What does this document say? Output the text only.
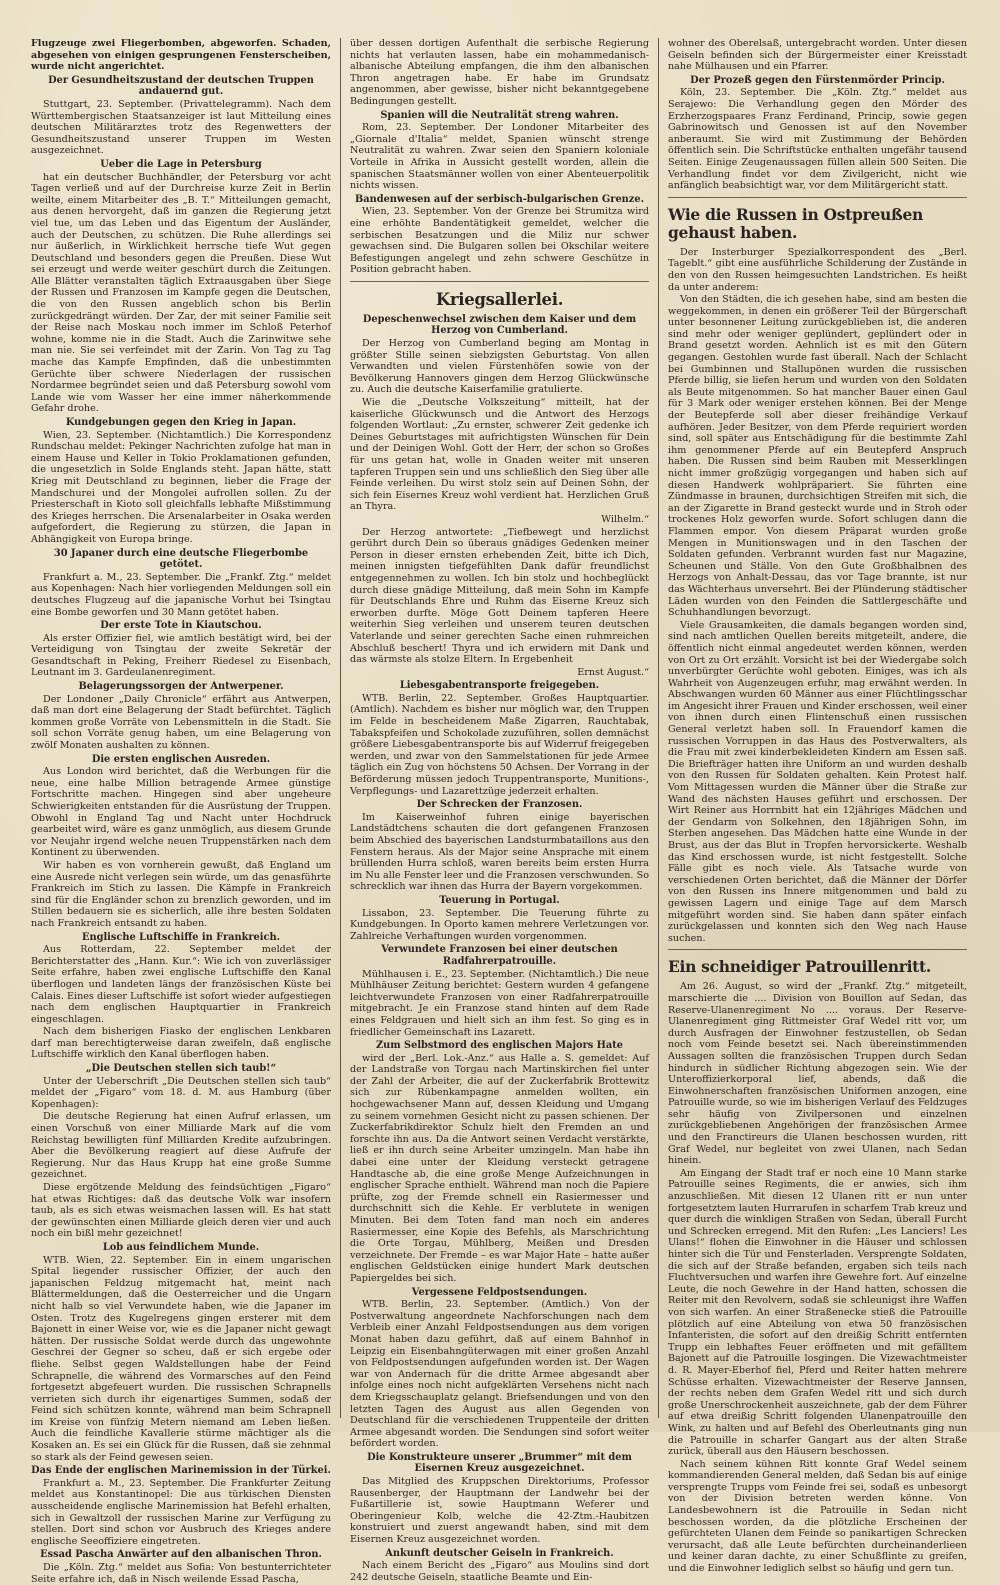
Flugzeuge zwei Fliegerbomben, abgeworfen. Schaden, abgesehen von einigen gesprungenen Fensterscheiben, wurde nicht angerichtet.

Der Gesundheitszustand der deutschen Truppen andauernd gut.

Stuttgart, 23. September. (Privattelegramm). Nach dem Württembergischen Staatsanzeiger ist laut Mitteilung eines deutschen Militärarztes trotz des Regenwetters der Gesundheitszustand unserer Truppen im Westen ausgezeichnet.

Ueber die Lage in Petersburg

hat ein deutscher Buchhändler, der Petersburg vor acht Tagen verließ und auf der Durchreise kurze Zeit in Berlin weilte, einem Mitarbeiter des „B. T.“ Mitteilungen gemacht, aus denen hervorgeht, daß im ganzen die Regierung jetzt viel tue, um das Leben und das Eigentum der Ausländer, auch der Deutschen, zu schützen. Die Ruhe allerdings sei nur äußerlich, in Wirklichkeit herrsche tiefe Wut gegen Deutschland und besonders gegen die Preußen. Diese Wut sei erzeugt und werde weiter geschürt durch die Zeitungen. Alle Blätter veranstalten täglich Extraausgaben über Siege der Russen und Franzosen im Kampfe gegen die Deutschen, die von den Russen angeblich schon bis Berlin zurückgedrängt würden. Der Zar, der mit seiner Familie seit der Reise nach Moskau noch immer im Schloß Peterhof wohne, komme nie in die Stadt. Auch die Zarinwitwe sehe man nie. Sie sei verfeindet mit der Zarin. Von Tag zu Tag mache das Kampfe Empfinden, daß die unbestimmten Gerüchte über schwere Niederlagen der russischen Nordarmee begründet seien und daß Petersburg sowohl vom Lande wie vom Wasser her eine immer näherkommende Gefahr drohe.

Kundgebungen gegen den Krieg in Japan.

Wien, 23. September. (Nichtamtlich.) Die Korrespondenz Rundschau meldet: Pekinger Nachrichten zufolge hat man in einem Hause und Keller in Tokio Proklamationen gefunden, die ungesetzlich in Solde Englands steht. Japan hätte, statt Krieg mit Deutschland zu beginnen, lieber die Frage der Mandschurei und der Mongolei aufrollen sollen. Zu der Priesterschaft in Kioto soll gleichfalls lebhafte Mißstimmung des Krieges herrschen. Die Arsenalarbeiter in Osaka werden aufgefordert, die Regierung zu stürzen, die Japan in Abhängigkeit von Europa bringe.

30 Japaner durch eine deutsche Fliegerbombe getötet.

Frankfurt a. M., 23. September. Die „Frankf. Ztg.“ meldet aus Kopenhagen: Nach hier vorliegenden Meldungen soll ein deutsches Flugzeug auf die japanische Vorhut bei Tsingtau eine Bombe geworfen und 30 Mann getötet haben.

Der erste Tote in Kiautschou.

Als erster Offizier fiel, wie amtlich bestätigt wird, bei der Verteidigung von Tsingtau der zweite Sekretär der Gesandtschaft in Peking, Freiherr Riedesel zu Eisenbach, Leutnant im 3. Gardeulanenregiment.

Belagerungssorgen der Antwerpener.

Der Londoner „Daily Chronicle“ erfährt aus Antwerpen, daß man dort eine Belagerung der Stadt befürchtet. Täglich kommen große Vorräte von Lebensmitteln in die Stadt. Sie soll schon Vorräte genug haben, um eine Belagerung von zwölf Monaten aushalten zu können.

Die ersten englischen Ausreden.

Aus London wird berichtet, daß die Werbungen für die neue, eine halbe Million betragende Armee günstige Fortschritte machen. Hingegen sind aber ungeheure Schwierigkeiten entstanden für die Ausrüstung der Truppen. Obwohl in England Tag und Nacht unter Hochdruck gearbeitet wird, wäre es ganz unmöglich, aus diesem Grunde vor Neujahr irgend welche neuen Truppenstärken nach dem Kontinent zu überwenden.

Wir haben es von vornherein gewußt, daß England um eine Ausrede nicht verlegen sein würde, um das genasführte Frankreich im Stich zu lassen. Die Kämpfe in Frankreich sind für die Engländer schon zu brenzlich geworden, und im Stillen bedauern sie es sicherlich, alle ihre besten Soldaten nach Frankreich entsandt zu haben.

Englische Luftschiffe in Frankreich.

Aus Rotterdam, 22. September meldet der Berichterstatter des „Hann. Kur.“: Wie ich von zuverlässiger Seite erfahre, haben zwei englische Luftschiffe den Kanal überflogen und landeten längs der französischen Küste bei Calais. Eines dieser Luftschiffe ist sofort wieder aufgestiegen nach dem englischen Hauptquartier in Frankreich eingeschlagen.

Nach dem bisherigen Fiasko der englischen Lenkbaren darf man berechtigterweise daran zweifeln, daß englische Luftschiffe wirklich den Kanal überflogen haben.

„Die Deutschen stellen sich taub!“

Unter der Ueberschrift „Die Deutschen stellen sich taub“ meldet der „Figaro“ vom 18. d. M. aus Hamburg (über Kopenhagen):

Die deutsche Regierung hat einen Aufruf erlassen, um einen Vorschuß von einer Milliarde Mark auf die vom Reichstag bewilligten fünf Milliarden Kredite aufzubringen. Aber die Bevölkerung reagiert auf diese Aufrufe der Regierung. Nur das Haus Krupp hat eine große Summe gezeichnet.

Diese ergötzende Meldung des feindsüchtigen „Figaro“ hat etwas Richtiges: daß das deutsche Volk war insofern taub, als es sich etwas weismachen lassen will. Es hat statt der gewünschten einen Milliarde gleich deren vier und auch noch ein bißl mehr gezeichnet!

Lob aus feindlichem Munde.

WTB. Wien, 22. September. Ein in einem ungarischen Spital liegender russischer Offizier, der auch den japanischen Feldzug mitgemacht hat, meint nach Blättermeldungen, daß die Oesterreicher und die Ungarn nicht halb so viel Verwundete haben, wie die Japaner im Osten. Trotz des Kugelregens gingen ersterer mit dem Bajonett in einer Weise vor, wie es die Japaner nicht gewagt hätten. Der russische Soldat werde durch das ungewohnte Geschrei der Gegner so scheu, daß er sich ergebe oder fliehe. Selbst gegen Waldstellungen habe der Feind Schrapnelle, die während des Vormarsches auf den Feind fortgesetzt abgefeuert wurden. Die russischen Schrapnells verrieten sich durch ihr eigenartiges Summen, sodaß der Feind sich schützen konnte, während man beim Schrapnell im Kreise von fünfzig Metern niemand am Leben ließen. Auch die feindliche Kavallerie stürme mächtiger als die Kosaken an. Es sei ein Glück für die Russen, daß sie zehnmal so stark als der Feind gewesen seien.

Das Ende der englischen Marinemission in der Türkei.

Frankfurt a. M., 23. September. Die Frankfurter Zeitung meldet aus Konstantinopel: Die aus türkischen Diensten ausscheidende englische Marinemission hat Befehl erhalten, sich in Gewaltzoll der russischen Marine zur Verfügung zu stellen. Dort sind schon vor Ausbruch des Krieges andere englische Seeoffiziere eingetreten.

Essad Pascha Anwärter auf den albanischen Thron.

Die „Köln. Ztg.“ meldet aus Sofia: Von bestunterrichteter Seite erfahre ich, daß in Nisch weilende Essad Pascha,

über dessen dortigen Aufenthalt die serbische Regierung nichts hat verlauten lassen, habe ein mohammedanisch-albanische Abteilung empfangen, die ihm den albanischen Thron angetragen habe. Er habe im Grundsatz angenommen, aber gewisse, bisher nicht bekanntgegebene Bedingungen gestellt.

Spanien will die Neutralität streng wahren.

Rom, 23. September. Der Londoner Mitarbeiter des „Giornale d'Italia“ meldet, Spanien wünscht strenge Neutralität zu wahren. Zwar seien den Spaniern koloniale Vorteile in Afrika in Aussicht gestellt worden, allein die spanischen Staatsmänner wollen von einer Abenteuerpolitik nichts wissen.

Bandenwesen auf der serbisch-bulgarischen Grenze.

Wien, 23. September. Von der Grenze bei Strumitza wird eine erhöhte Bandentätigkeit gemeldet, welcher die serbischen Besatzungen und die Miliz nur schwer gewachsen sind. Die Bulgaren sollen bei Okschilar weitere Befestigungen angelegt und zehn schwere Geschütze in Position gebracht haben.

Kriegsallerlei.
Depeschenwechsel zwischen dem Kaiser und dem Herzog von Cumberland.

Der Herzog von Cumberland beging am Montag in größter Stille seinen siebzigsten Geburtstag. Von allen Verwandten und vielen Fürstenhöfen sowie von der Bevölkerung Hannovers gingen dem Herzog Glückwünsche zu. Auch die deutsche Kaiserfamilie gratulierte.

Wie die „Deutsche Volkszeitung“ mitteilt, hat der kaiserliche Glückwunsch und die Antwort des Herzogs folgenden Wortlaut: „Zu ernster, schwerer Zeit gedenke ich Deines Geburtstages mit aufrichtigsten Wünschen für Dein und der Deinigen Wohl. Gott der Herr, der schon so Großes für uns getan hat, wolle in Gnaden weiter mit unseren tapferen Truppen sein und uns schließlich den Sieg über alle Feinde verleihen. Du wirst stolz sein auf Deinen Sohn, der sich fein Eisernes Kreuz wohl verdient hat. Herzlichen Gruß an Thyra.

Wilhelm.“

Der Herzog antwortete: „Tiefbewegt und herzlichst gerührt durch Dein so überaus gnädiges Gedenken meiner Person in dieser ernsten erhebenden Zeit, bitte ich Dich, meinen innigsten tiefgefühlten Dank dafür freundlichst entgegennehmen zu wollen. Ich bin stolz und hochbeglückt durch diese gnädige Mitteilung, daß mein Sohn im Kampfe für Deutschlands Ehre und Ruhm das Eiserne Kreuz sich erworben durfte. Möge Gott Deinem tapferen Heere weiterhin Sieg verleihen und unserem teuren deutschen Vaterlande und seiner gerechten Sache einen ruhmreichen Abschluß beschert! Thyra und ich erwidern mit Dank und das wärmste als stolze Eltern. In Ergebenheit

Ernst August.“

Liebesgabentransporte freigegeben.

WTB. Berlin, 22. September. Großes Hauptquartier. (Amtlich). Nachdem es bisher nur möglich war, den Truppen im Felde in bescheidenem Maße Zigarren, Rauchtabak, Tabakspfeifen und Schokolade zuzuführen, sollen demnächst größere Liebesgabentransporte bis auf Widerruf freigegeben werden, und zwar von den Sammelstationen für jede Armee täglich ein Zug von höchstens 50 Achsen. Der Vorrang in der Beförderung müssen jedoch Truppentransporte, Munitions-, Verpflegungs- und Lazarettzüge jederzeit erhalten.

Der Schrecken der Franzosen.

Im Kaiserweinhof fuhren einige bayerischen Landstädtchens schauten die dort gefangenen Franzosen beim Abschied des bayerischen Landsturmbataillons aus den Fenstern heraus. Als der Major seine Ansprache mit einem brüllenden Hurra schloß, waren bereits beim ersten Hurra im Nu alle Fenster leer und die Franzosen verschwunden. So schrecklich war ihnen das Hurra der Bayern vorgekommen.

Teuerung in Portugal.

Lissabon, 23. September. Die Teuerung führte zu Kundgebungen. In Oporto kamen mehrere Verletzungen vor. Zahlreiche Verhaftungen wurden vorgenommen.

Verwundete Franzosen bei einer deutschen Radfahrerpatrouille.

Mühlhausen i. E., 23. September. (Nichtamtlich.) Die neue Mühlhäuser Zeitung berichtet: Gestern wurden 4 gefangene leichtverwundete Franzosen von einer Radfahrerpatrouille mitgebracht. Je ein Franzose stand hinten auf dem Rade eines Feldgrauen und hielt sich an ihm fest. So ging es in friedlicher Gemeinschaft ins Lazarett.

Zum Selbstmord des englischen Majors Hate

wird der „Berl. Lok.-Anz.“ aus Halle a. S. gemeldet: Auf der Landstraße von Torgau nach Martinskirchen fiel unter der Zahl der Arbeiter, die auf der Zuckerfabrik Brottewitz sich zur Rübenkampagne anmelden wollten, ein hochgewachsener Mann auf, dessen Kleidung und Umgang zu seinem vornehmen Gesicht nicht zu passen schienen. Der Zuckerfabrikdirektor Schulz hielt den Fremden an und forschte ihn aus. Da die Antwort seinen Verdacht verstärkte, ließ er ihn durch seine Arbeiter umzingeln. Man habe ihn dabei eine unter der Kleidung versteckt getragene Handtasche ab, die eine große Menge Aufzeichnungen in englischer Sprache enthielt. Während man noch die Papiere prüfte, zog der Fremde schnell ein Rasiermesser und durchschnitt sich die Kehle. Er verblutete in wenigen Minuten. Bei dem Toten fand man noch ein anderes Rasiermesser, eine Kopie des Befehls, als Marschrichtung die Orte Torgau, Mühlberg, Meißen und Dresden verzeichnete. Der Fremde – es war Major Hate – hatte außer englischen Geldstücken einige hundert Mark deutschen Papiergeldes bei sich.

Vergessene Feldpostsendungen.

WTB. Berlin, 23. September. (Amtlich.) Von der Postverwaltung angeordnete Nachforschungen nach dem Verbleib einer Anzahl Feldpostsendungen aus dem vorigen Monat haben dazu geführt, daß auf einem Bahnhof in Leipzig ein Eisenbahngüterwagen mit einer großen Anzahl von Feldpostsendungen aufgefunden worden ist. Der Wagen war von Andernach für die dritte Armee abgesandt aber infolge eines noch nicht aufgeklärten Versehens nicht nach dem Kriegsschauplatz gelangt. Briefsendungen und von den letzten Tagen des August aus allen Gegenden von Deutschland für die verschiedenen Truppenteile der dritten Armee abgesandt worden. Die Sendungen sind sofort weiter befördert worden.

Die Konstrukteure unserer „Brummer“ mit dem Eisernen Kreuz ausgezeichnet.

Das Mitglied des Kruppschen Direktoriums, Professor Rausenberger, der Hauptmann der Landwehr bei der Fußartillerie ist, sowie Hauptmann Weferer und Oberingenieur Kolb, welche die 42-Ztm.-Haubitzen konstruiert und zuerst angewandt haben, sind mit dem Eisernen Kreuz ausgezeichnet worden.

Ankunft deutscher Geiseln in Frankreich.

Nach einem Bericht des „Figaro“ aus Moulins sind dort 242 deutsche Geiseln, staatliche Beamte und Ein-

wohner des Oberelsaß, untergebracht worden. Unter diesen Geiseln befinden sich der Bürgermeister einer Kreisstadt nahe Mülhausen und ein Pfarrer.

Der Prozeß gegen den Fürstenmörder Princip.

Köln, 23. September. Die „Köln. Ztg.“ meldet aus Serajewo: Die Verhandlung gegen den Mörder des Erzherzogspaares Franz Ferdinand, Princip, sowie gegen Gabrinowitsch und Genossen ist auf den November anberaumt. Sie wird mit Zustimmung der Behörden öffentlich sein. Die Schriftstücke enthalten ungefähr tausend Seiten. Einige Zeugenaussagen füllen allein 500 Seiten. Die Verhandlung findet vor dem Zivilgericht, nicht wie anfänglich beabsichtigt war, vor dem Militärgericht statt.

Wie die Russen in Ostpreußen gehaust haben.

Der Insterburger Spezialkorrespondent des „Berl. Tageblt.“ gibt eine ausführliche Schilderung der Zustände in den von den Russen heimgesuchten Landstrichen. Es heißt da unter anderem:

Von den Städten, die ich gesehen habe, sind am besten die weggekommen, in denen ein größerer Teil der Bürgerschaft unter besonnener Leitung zurückgeblieben ist, die anderen sind mehr oder weniger geplündert, geplündert oder in Brand gesetzt worden. Aehnlich ist es mit den Gütern gegangen. Gestohlen wurde fast überall. Nach der Schlacht bei Gumbinnen und Stallupönen wurden die russischen Pferde billig, sie liefen herum und wurden von den Soldaten als Beute mitgenommen. So hat mancher Bauer einen Gaul für 3 Mark oder weniger erstehen können. Bei der Menge der Beutepferde soll aber dieser freihändige Verkauf aufhören. Jeder Besitzer, von dem Pferde requiriert worden sind, soll später aus Entschädigung für die bestimmte Zahl ihm genommener Pferde auf ein Beutepferd Anspruch haben. Die Russen sind beim Rauben mit Messerklingen nicht immer großzügig vorgegangen und haben sich auf diesen Handwerk wohlpräpariert. Sie führten eine Zündmasse in braunen, durchsichtigen Streifen mit sich, die an der Zigarette in Brand gesteckt wurde und in Stroh oder trockenes Holz geworfen wurde. Sofort schlugen dann die Flammen empor. Von diesem Präparat wurden große Mengen in Munitionswagen und in den Taschen der Soldaten gefunden. Verbrannt wurden fast nur Magazine, Scheunen und Ställe. Von den Gute Großbhalbnen des Herzogs von Anhalt-Dessau, das vor Tage brannte, ist nur das Wächterhaus unversehrt. Bei der Plünderung städtischer Läden wurden von den Feinden die Sattlergeschäfte und Schuhhandlungen bevorzugt.

Viele Grausamkeiten, die damals begangen worden sind, sind nach amtlichen Quellen bereits mitgeteilt, andere, die öffentlich nicht einmal angedeutet werden können, werden von Ort zu Ort erzählt. Vorsicht ist bei der Wiedergabe solch unverbürgter Gerüchte wohl geboten. Einiges, was ich als Wahrheit von Augenzeugen erfuhr, mag erwähnt werden. In Abschwangen wurden 60 Männer aus einer Flüchtlingsschar im Angesicht ihrer Frauen und Kinder erschossen, weil einer von ihnen durch einen Flintenschuß einen russischen General verletzt haben soll. In Frauendorf kamen die russischen Vorruppen in das Haus des Postverwalters, als die Frau mit zwei kinderbekleideten Kindern am Essen saß. Die Briefträger hatten ihre Uniform an und wurden deshalb von den Russen für Soldaten gehalten. Kein Protest half. Vom Mittagessen wurden die Männer über die Straße zur Wand des nächsten Hauses geführt und erschossen. Der Wirt Reiner aus Horrnbitt hat ein 12jähriges Mädchen und der Gendarm von Solkehnen, den 18jährigen Sohn, im Sterben angesehen. Das Mädchen hatte eine Wunde in der Brust, aus der das Blut in Tropfen hervorsickerte. Weshalb das Kind erschossen wurde, ist nicht festgestellt. Solche Fälle gibt es noch viele. Als Tatsache wurde von verschiedenen Orten berichtet, daß die Männer der Dörfer von den Russen ins Innere mitgenommen und bald zu gewissen Lagern und einige Tage auf dem Marsch mitgeführt worden sind. Sie haben dann später einfach zurückgelassen und konnten sich den Weg nach Hause suchen.

Ein schneidiger Patrouillenritt.

Am 26. August, so wird der „Frankf. Ztg.“ mitgeteilt, marschierte die .... Division von Bouillon auf Sedan, das Reserve-Ulanenregiment No .... voraus. Der Reserve-Ulanenregiment ging Rittmeister Graf Wedel ritt vor, um durch Ausfragen der Einwohner festzustellen, ob Sedan noch vom Feinde besetzt sei. Nach übereinstimmenden Aussagen sollten die französischen Truppen durch Sedan hindurch in südlicher Richtung abgezogen sein. Wie der Unteroffizierkorporal lief, abends, daß die Einwohnerschaften französischen Uniformen anzogen, eine Patrouille wurde, so wie im bisherigen Verlauf des Feldzuges sehr häufig von Zivilpersonen und einzelnen zurückgebliebenen Angehörigen der französischen Armee und den Franctireurs die Ulanen beschossen wurden, ritt Graf Wedel, nur begleitet von zwei Ulanen, nach Sedan hinein.

Am Eingang der Stadt traf er noch eine 10 Mann starke Patrouille seines Regiments, die er anwies, sich ihm anzuschließen. Mit diesen 12 Ulanen ritt er nun unter fortgesetztem lauten Hurrarufen in scharfem Trab kreuz und quer durch die winkligen Straßen von Sedan, überall Furcht und Schrecken erregend. Mit den Rufen: „Les Lanciers! Les Ulans!“ flohen die Einwohner in die Häuser und schlossen hinter sich die Tür und Fensterladen. Versprengte Soldaten, die sich auf der Straße befanden, ergaben sich teils nach Fluchtversuchen und warfen ihre Gewehre fort. Auf einzelne Leute, die noch Gewehre in der Hand hatten, schossen die Reiter mit den Revolvern, sodaß sie schleunigst ihre Waffen von sich warfen. An einer Straßenecke stieß die Patrouille plötzlich auf eine Abteilung von etwa 50 französischen Infanteristen, die sofort auf den dreißig Schritt entfernten Trupp ein lebhaftes Feuer eröffneten und mit gefälltem Bajonett auf die Patrouille losgingen. Die Vizewachtmeister d. R. Mayer-Eberhof fiel, Pferd und Reiter hatten mehrere Schüsse erhalten. Vizewachtmeister der Reserve Jannsen, der rechts neben dem Grafen Wedel ritt und sich durch große Unerschrockenheit auszeichnete, gab der dem Führer auf etwa dreißig Schritt folgenden Ulanenpatrouille den Wink, zu halten und auf Befehl des Oberleutnants ging nun die Patrouille in scharfer Gangart aus der alten Straße zurück, überall aus den Häusern beschossen.

Nach seinem kühnen Ritt konnte Graf Wedel seinem kommandierenden General melden, daß Sedan bis auf einige versprengte Trupps vom Feinde frei sei, sodaß es unbesorgt von der Division betreten werden könne. Von Landesbewohnern ist die Patrouille in Sedan nicht beschossen worden, da die plötzliche Erscheinen der gefürchteten Ulanen dem Feinde so panikartigen Schrecken verursacht, daß alle Leute befürchten durcheinanderlieen und keiner daran dachte, zu einer Schußflinte zu greifen, und die Einwohner lediglich selbst so häufig und gern tun.
